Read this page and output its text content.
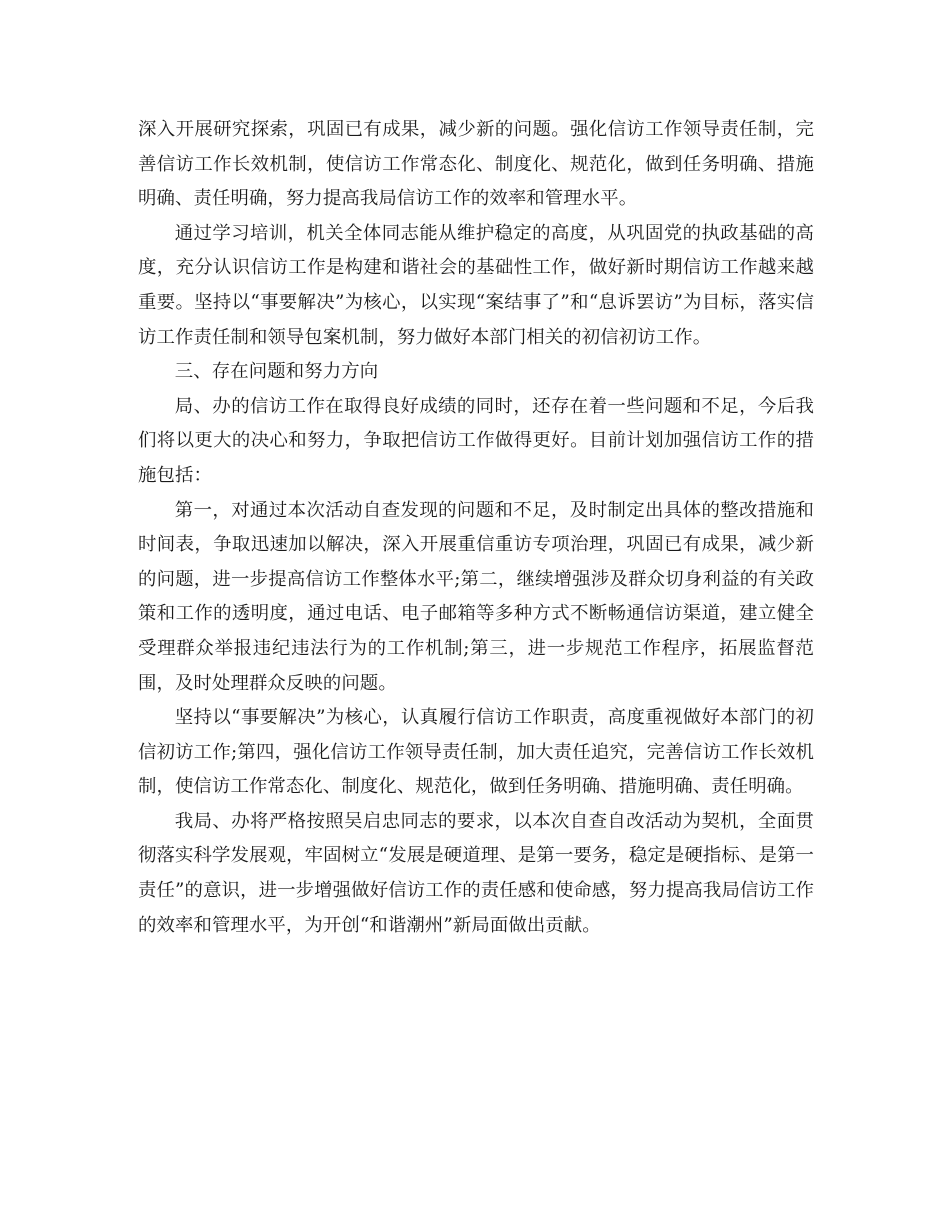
深入开展研究探索，巩固已有成果，减少新的问题。强化信访工作领导责任制，完善信访工作长效机制，使信访工作常态化、制度化、规范化，做到任务明确、措施明确、责任明确，努力提高我局信访工作的效率和管理水平。

通过学习培训，机关全体同志能从维护稳定的高度，从巩固党的执政基础的高度，充分认识信访工作是构建和谐社会的基础性工作，做好新时期信访工作越来越重要。坚持以“事要解决”为核心，以实现“案结事了”和“息诉罢访”为目标，落实信访工作责任制和领导包案机制，努力做好本部门相关的初信初访工作。

三、存在问题和努力方向

局、办的信访工作在取得良好成绩的同时，还存在着一些问题和不足，今后我们将以更大的决心和努力，争取把信访工作做得更好。目前计划加强信访工作的措施包括：

第一，对通过本次活动自查发现的问题和不足，及时制定出具体的整改措施和时间表，争取迅速加以解决，深入开展重信重访专项治理，巩固已有成果，减少新的问题，进一步提高信访工作整体水平;第二，继续增强涉及群众切身利益的有关政策和工作的透明度，通过电话、电子邮箱等多种方式不断畅通信访渠道，建立健全受理群众举报违纪违法行为的工作机制;第三，进一步规范工作程序，拓展监督范围，及时处理群众反映的问题。

坚持以“事要解决”为核心，认真履行信访工作职责，高度重视做好本部门的初信初访工作;第四，强化信访工作领导责任制，加大责任追究，完善信访工作长效机制，使信访工作常态化、制度化、规范化，做到任务明确、措施明确、责任明确。

我局、办将严格按照吴启忠同志的要求，以本次自查自改活动为契机，全面贯彻落实科学发展观，牢固树立“发展是硬道理、是第一要务，稳定是硬指标、是第一责任”的意识，进一步增强做好信访工作的责任感和使命感，努力提高我局信访工作的效率和管理水平，为开创“和谐潮州”新局面做出贡献。
